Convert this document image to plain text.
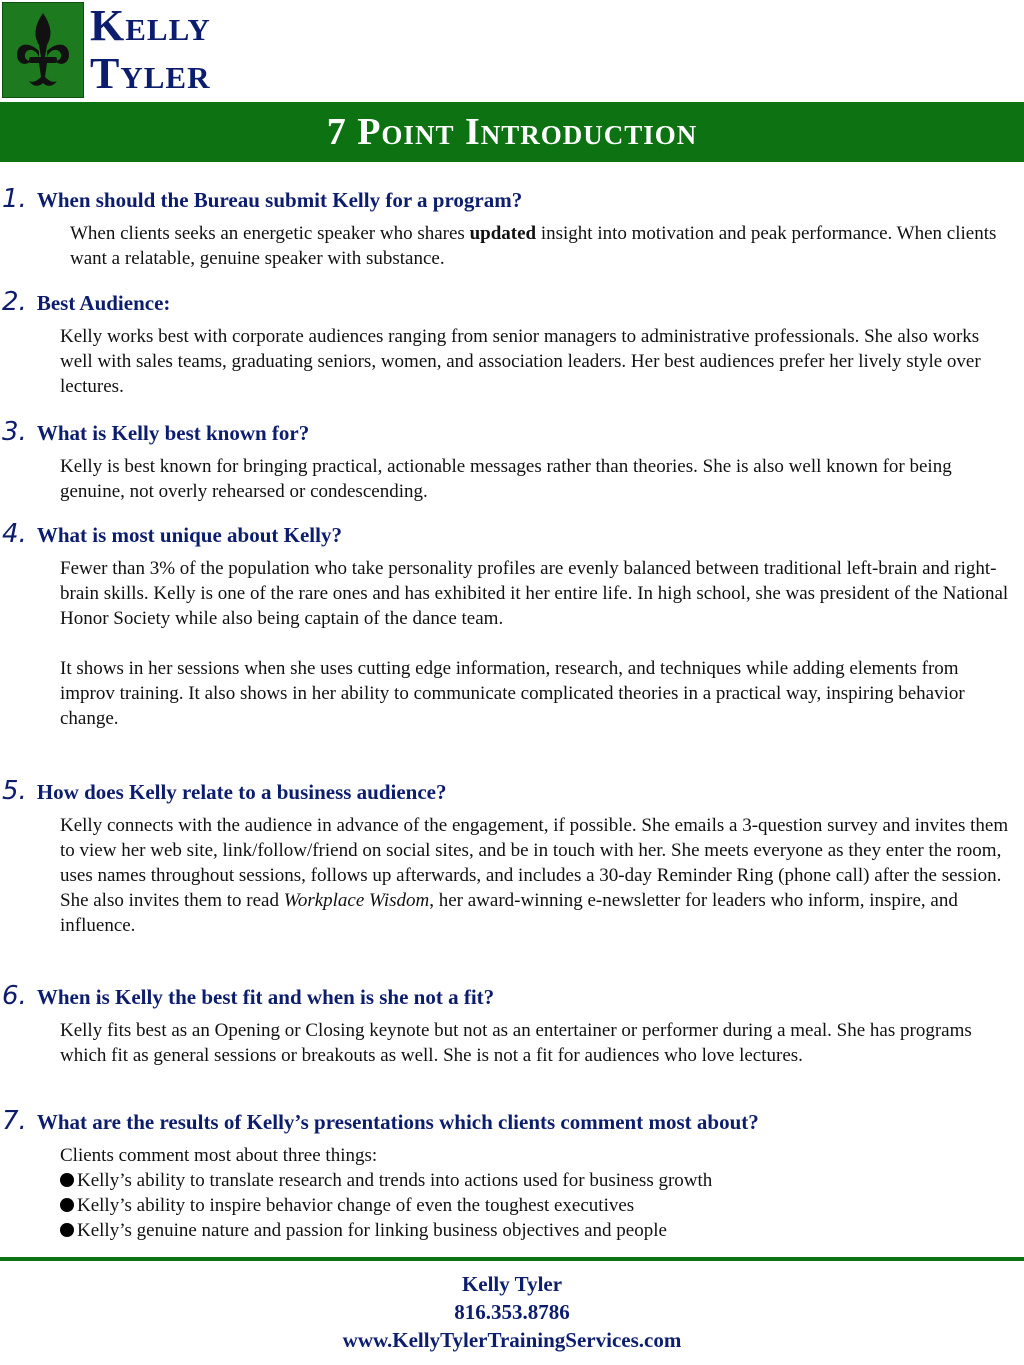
Kelly
Tyler
7 Point Introduction
1. When should the Bureau submit Kelly for a program?
When clients seeks an energetic speaker who shares updated insight into motivation and peak performance. When clients want a relatable, genuine speaker with substance.
2. Best Audience:
Kelly works best with corporate audiences ranging from senior managers to administrative professionals. She also works well with sales teams, graduating seniors, women, and association leaders. Her best audiences prefer her lively style over lectures.
3. What is Kelly best known for?
Kelly is best known for bringing practical, actionable messages rather than theories. She is also well known for being genuine, not overly rehearsed or condescending.
4. What is most unique about Kelly?

Fewer than 3% of the population who take personality profiles are evenly balanced between traditional left-brain and right-brain skills. Kelly is one of the rare ones and has exhibited it her entire life. In high school, she was president of the National Honor Society while also being captain of the dance team.

It shows in her sessions when she uses cutting edge information, research, and techniques while adding elements from improv training. It also shows in her ability to communicate complicated theories in a practical way, inspiring behavior change.

5. How does Kelly relate to a business audience?
Kelly connects with the audience in advance of the engagement, if possible. She emails a 3-question survey and invites them to view her web site, link/follow/friend on social sites, and be in touch with her. She meets everyone as they enter the room, uses names throughout sessions, follows up afterwards, and includes a 30-day Reminder Ring (phone call) after the session. She also invites them to read Workplace Wisdom, her award-winning e-newsletter for leaders who inform, inspire, and influence.
6. When is Kelly the best fit and when is she not a fit?
Kelly fits best as an Opening or Closing keynote but not as an entertainer or performer during a meal. She has programs which fit as general sessions or breakouts as well. She is not a fit for audiences who love lectures.
7. What are the results of Kelly’s presentations which clients comment most about?
Clients comment most about three things:
Kelly’s ability to translate research and trends into actions used for business growth
Kelly’s ability to inspire behavior change of even the toughest executives
Kelly’s genuine nature and passion for linking business objectives and people
Kelly Tyler
816.353.8786
www.KellyTylerTrainingServices.com
